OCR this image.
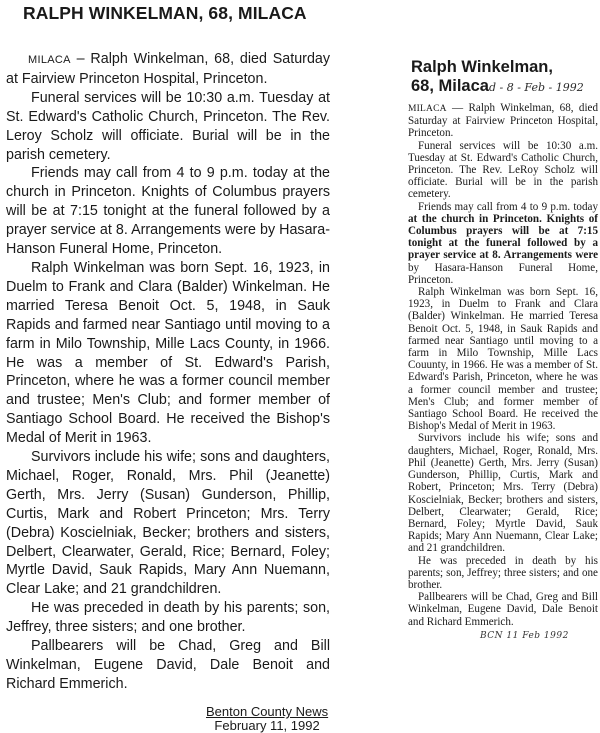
RALPH WINKELMAN, 68, MILACA

MILACA – Ralph Winkelman, 68, died Saturday at Fairview Princeton Hospital, Princeton.

Funeral services will be 10:30 a.m. Tuesday at St. Edward's Catholic Church, Princeton. The Rev. Leroy Scholz will officiate. Burial will be in the parish cemetery.

Friends may call from 4 to 9 p.m. today at the church in Princeton. Knights of Columbus prayers will be at 7:15 tonight at the funeral followed by a prayer service at 8. Arrangements were by Hasara-Hanson Funeral Home, Princeton.

Ralph Winkelman was born Sept. 16, 1923, in Duelm to Frank and Clara (Balder) Winkelman. He married Teresa Benoit Oct. 5, 1948, in Sauk Rapids and farmed near Santiago until moving to a farm in Milo Township, Mille Lacs County, in 1966. He was a member of St. Edward's Parish, Princeton, where he was a former council member and trustee; Men's Club; and former member of Santiago School Board. He received the Bishop's Medal of Merit in 1963.

Survivors include his wife; sons and daughters, Michael, Roger, Ronald, Mrs. Phil (Jeanette) Gerth, Mrs. Jerry (Susan) Gunderson, Phillip, Curtis, Mark and Robert Princeton; Mrs. Terry (Debra) Koscielniak, Becker; brothers and sisters, Delbert, Clearwater, Gerald, Rice; Bernard, Foley; Myrtle David, Sauk Rapids, Mary Ann Nuemann, Clear Lake; and 21 grandchildren.

He was preceded in death by his parents; son, Jeffrey, three sisters; and one brother.

Pallbearers will be Chad, Greg and Bill Winkelman, Eugene David, Dale Benoit and Richard Emmerich.

Benton County News
February 11, 1992
Ralph Winkelman,
68, Milacad - 8 - Feb - 1992

MILACA — Ralph Winkelman, 68, died Saturday at Fairview Princeton Hospital, Princeton.

Funeral services will be 10:30 a.m. Tuesday at St. Edward's Catholic Church, Princeton. The Rev. LeRoy Scholz will officiate. Burial will be in the parish cemetery.

Friends may call from 4 to 9 p.m. today at the church in Princeton. Knights of Columbus prayers will be at 7:15 tonight at the funeral followed by a prayer service at 8. Arrangements were by Hasara-Hanson Funeral Home, Princeton.

Ralph Winkelman was born Sept. 16, 1923, in Duelm to Frank and Clara (Balder) Winkelman. He married Teresa Benoit Oct. 5, 1948, in Sauk Rapids and farmed near Santiago until moving to a farm in Milo Township, Mille Lacs Couunty, in 1966. He was a member of St. Edward's Parish, Princeton, where he was a former council member and trustee; Men's Club; and former member of Santiago School Board. He received the Bishop's Medal of Merit in 1963.

Survivors include his wife; sons and daughters, Michael, Roger, Ronald, Mrs. Phil (Jeanette) Gerth, Mrs. Jerry (Susan) Gunderson, Phillip, Curtis, Mark and Robert, Princeton; Mrs. Terry (Debra) Koscielniak, Becker; brothers and sisters, Delbert, Clearwater; Gerald, Rice; Bernard, Foley; Myrtle David, Sauk Rapids; Mary Ann Nuemann, Clear Lake; and 21 grandchildren.

He was preceded in death by his parents; son, Jeffrey; three sisters; and one brother.

Pallbearers will be Chad, Greg and Bill Winkelman, Eugene David, Dale Benoit and Richard Emmerich.

BCN 11 Feb 1992
